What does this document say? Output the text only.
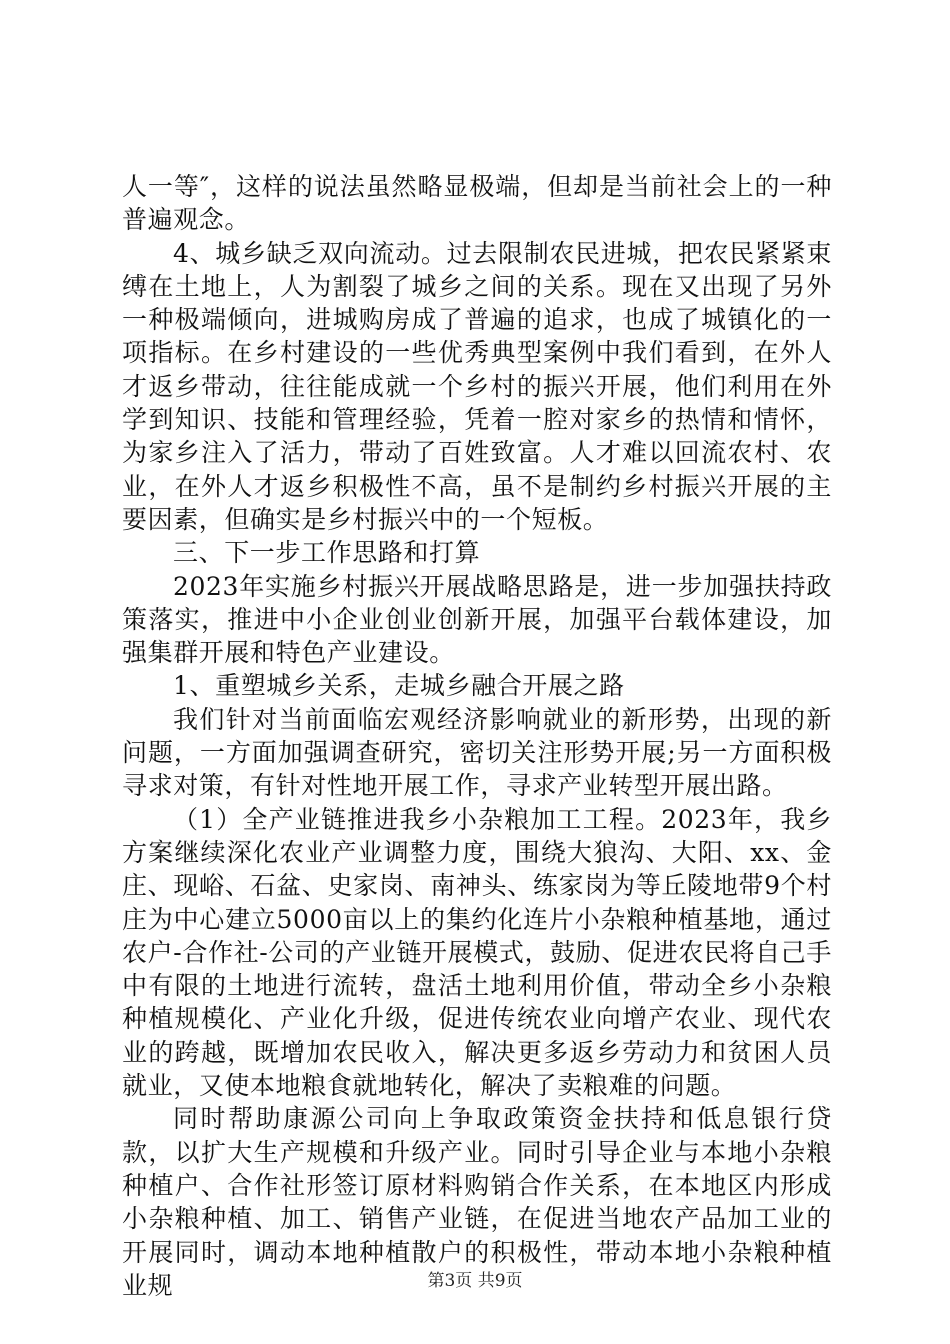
人一等″，这样的说法虽然略显极端，但却是当前社会上的一种普遍观念。

4、城乡缺乏双向流动。过去限制农民进城，把农民紧紧束缚在土地上，人为割裂了城乡之间的关系。现在又出现了另外一种极端倾向，进城购房成了普遍的追求，也成了城镇化的一项指标。在乡村建设的一些优秀典型案例中我们看到，在外人才返乡带动，往往能成就一个乡村的振兴开展，他们利用在外学到知识、技能和管理经验，凭着一腔对家乡的热情和情怀，为家乡注入了活力，带动了百姓致富。人才难以回流农村、农业，在外人才返乡积极性不高，虽不是制约乡村振兴开展的主要因素，但确实是乡村振兴中的一个短板。

三、下一步工作思路和打算

2023年实施乡村振兴开展战略思路是，进一步加强扶持政策落实，推进中小企业创业创新开展，加强平台载体建设，加强集群开展和特色产业建设。

1、重塑城乡关系，走城乡融合开展之路

我们针对当前面临宏观经济影响就业的新形势，出现的新问题，一方面加强调查研究，密切关注形势开展;另一方面积极寻求对策，有针对性地开展工作，寻求产业转型开展出路。

（1）全产业链推进我乡小杂粮加工工程。2023年，我乡方案继续深化农业产业调整力度，围绕大狼沟、大阳、xx、金庄、现峪、石盆、史家岗、南神头、练家岗为等丘陵地带9个村庄为中心建立5000亩以上的集约化连片小杂粮种植基地，通过农户-合作社-公司的产业链开展模式，鼓励、促进农民将自己手中有限的土地进行流转，盘活土地利用价值，带动全乡小杂粮种植规模化、产业化升级，促进传统农业向增产农业、现代农业的跨越，既增加农民收入，解决更多返乡劳动力和贫困人员就业，又使本地粮食就地转化，解决了卖粮难的问题。

同时帮助康源公司向上争取政策资金扶持和低息银行贷款，以扩大生产规模和升级产业。同时引导企业与本地小杂粮种植户、合作社形签订原材料购销合作关系，在本地区内形成小杂粮种植、加工、销售产业链，在促进当地农产品加工业的开展同时，调动本地种植散户的积极性，带动本地小杂粮种植业规	第3页 共9页
